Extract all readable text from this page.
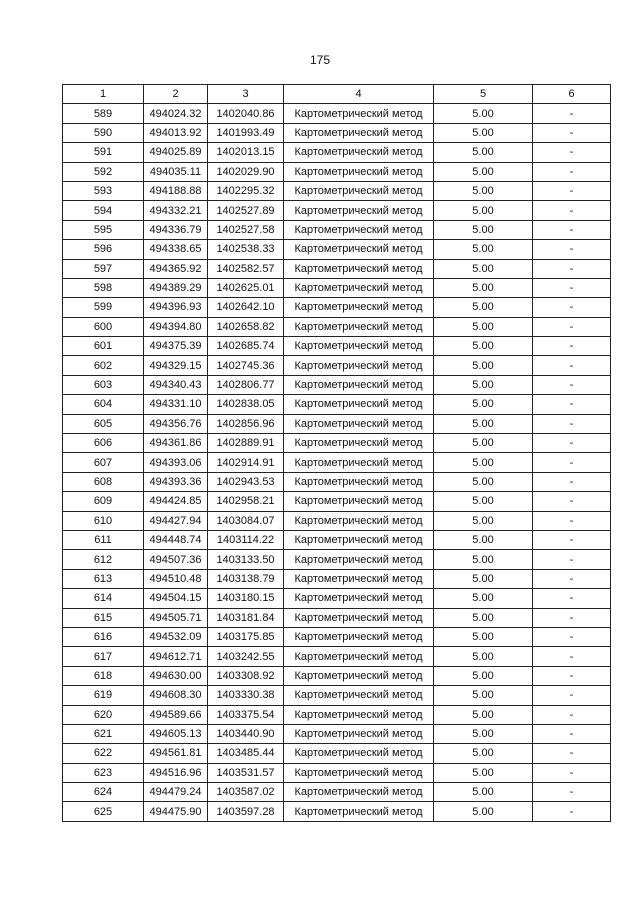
175
1	2	3	4	5	6
589	494024.32	1402040.86	Картометрический метод	5.00	-
590	494013.92	1401993.49	Картометрический метод	5.00	-
591	494025.89	1402013.15	Картометрический метод	5.00	-
592	494035.11	1402029.90	Картометрический метод	5.00	-
593	494188.88	1402295.32	Картометрический метод	5.00	-
594	494332.21	1402527.89	Картометрический метод	5.00	-
595	494336.79	1402527.58	Картометрический метод	5.00	-
596	494338.65	1402538.33	Картометрический метод	5.00	-
597	494365.92	1402582.57	Картометрический метод	5.00	-
598	494389.29	1402625.01	Картометрический метод	5.00	-
599	494396.93	1402642.10	Картометрический метод	5.00	-
600	494394.80	1402658.82	Картометрический метод	5.00	-
601	494375.39	1402685.74	Картометрический метод	5.00	-
602	494329.15	1402745.36	Картометрический метод	5.00	-
603	494340.43	1402806.77	Картометрический метод	5.00	-
604	494331.10	1402838.05	Картометрический метод	5.00	-
605	494356.76	1402856.96	Картометрический метод	5.00	-
606	494361.86	1402889.91	Картометрический метод	5.00	-
607	494393.06	1402914.91	Картометрический метод	5.00	-
608	494393.36	1402943.53	Картометрический метод	5.00	-
609	494424.85	1402958.21	Картометрический метод	5.00	-
610	494427.94	1403084.07	Картометрический метод	5.00	-
611	494448.74	1403114.22	Картометрический метод	5.00	-
612	494507.36	1403133.50	Картометрический метод	5.00	-
613	494510.48	1403138.79	Картометрический метод	5.00	-
614	494504.15	1403180.15	Картометрический метод	5.00	-
615	494505.71	1403181.84	Картометрический метод	5.00	-
616	494532.09	1403175.85	Картометрический метод	5.00	-
617	494612.71	1403242.55	Картометрический метод	5.00	-
618	494630.00	1403308.92	Картометрический метод	5.00	-
619	494608.30	1403330.38	Картометрический метод	5.00	-
620	494589.66	1403375.54	Картометрический метод	5.00	-
621	494605.13	1403440.90	Картометрический метод	5.00	-
622	494561.81	1403485.44	Картометрический метод	5.00	-
623	494516.96	1403531.57	Картометрический метод	5.00	-
624	494479.24	1403587.02	Картометрический метод	5.00	-
625	494475.90	1403597.28	Картометрический метод	5.00	-
